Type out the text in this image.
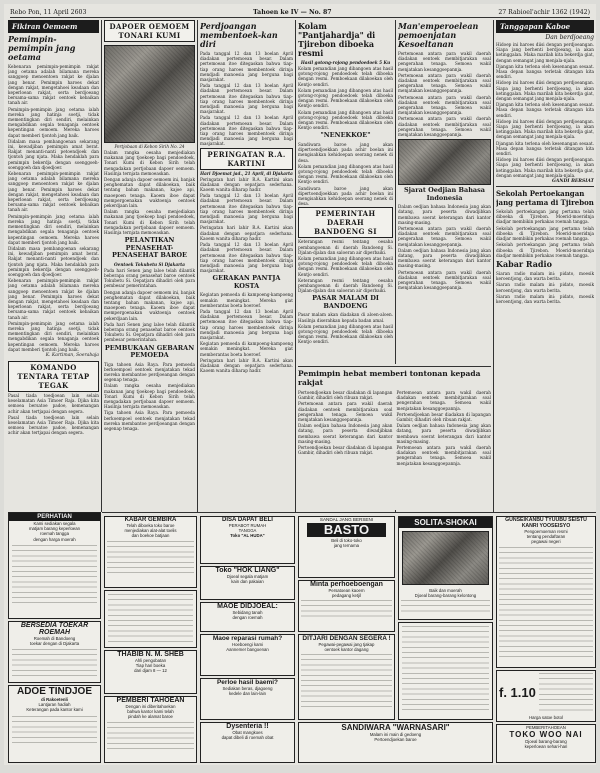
Rebo Pon, 11 April 2603	Tahoen ke IV — No. 87	27 Rabioel'achir 1362 (1942)
Fikiran Oemoem
Pemimpin-pemimpin jang oetama

Kebenaran pemimpin-pemimpin rakjat jang oetama adalah bilamana mereka sanggoep menoentoen rakjat ke djalan jang benar. Pemimpin haroes dekat dengan rakjat, mengetahoei keadaan dan keperloean rakjat, serta berdjoeang bersama-sama rakjat oentoek kebaikan tanah air.

Pemimpin-pemimpin jang oetama ialah mereka jang hatinja soetji, tidak mementingkan diri sendiri, melainkan mengabdikan segala tenaganja oentoek kepentingan oemoem. Mereka haroes dapat memberi tjontoh jang baik.

Didalam masa pembangoenan sekarang ini, kewadjiban pemimpin amat berat. Rakjat menanti-nanti petoendjoek dan tjontoh jang njata. Maka hendaklah para pemimpin bekerdja dengan soenggoeh-soenggoeh dan djoedjoer.

Kebenaran pemimpin-pemimpin rakjat jang oetama adalah bilamana mereka sanggoep menoentoen rakjat ke djalan jang benar. Pemimpin haroes dekat dengan rakjat, mengetahoei keadaan dan keperloean rakjat, serta berdjoeang bersama-sama rakjat oentoek kebaikan tanah air.

Pemimpin-pemimpin jang oetama ialah mereka jang hatinja soetji, tidak mementingkan diri sendiri, melainkan mengabdikan segala tenaganja oentoek kepentingan oemoem. Mereka haroes dapat memberi tjontoh jang baik.

Didalam masa pembangoenan sekarang ini, kewadjiban pemimpin amat berat. Rakjat menanti-nanti petoendjoek dan tjontoh jang njata. Maka hendaklah para pemimpin bekerdja dengan soenggoeh-soenggoeh dan djoedjoer.

Kebenaran pemimpin-pemimpin rakjat jang oetama adalah bilamana mereka sanggoep menoentoen rakjat ke djalan jang benar. Pemimpin haroes dekat dengan rakjat, mengetahoei keadaan dan keperloean rakjat, serta berdjoeang bersama-sama rakjat oentoek kebaikan tanah air.

Pemimpin-pemimpin jang oetama ialah mereka jang hatinja soetji, tidak mementingkan diri sendiri, melainkan mengabdikan segala tenaganja oentoek kepentingan oemoem. Mereka haroes dapat memberi tjontoh jang baik.

K. Kartiman, Soerabaja
KOMANDO TENTARA TETAP TEGAK

Pasal tiada toedjoean lain selain keselamatan Asia Timoer Raja. Djika kita semoea bersatoe padoe, kemenangan achir akan tertjapai dengan segera.

Pasal tiada toedjoean lain selain keselamatan Asia Timoer Raja. Djika kita semoea bersatoe padoe, kemenangan achir akan tertjapai dengan segera.

PERHATIAN
Kami sediakan segala
matjam barang keperloean
roemah tangga
dengan harga moerah
BERSEDIA TOEKAR ROEMAH
Roemah di Bandoeng
toekar dengan di Djakarta
ADOE TINDJOE
di Rakoetenli
Lantjaran hadiah
Keterangan pada kantor kami
DAPOER OEMOEM TONARI KUMI
Pertjobaan di Kebon Sirih No. 24

Dalam rangka oesaha menjediakan makanan jang tjoekoep bagi pendoedoek, Tonari Kumi di Kebon Sirih telah mengadakan pertjobaan dapoer oemoem. Hasilnja ternjata memoeaskan.

Dengan adanja dapoer oemoem ini, banjak penghematan dapat dilakoekan, baik tentang bahan makanan, kajoe api, maoepoen tenaga. Kaoem iboe dapat mempergoenakan waktoenja oentoek pekerdjaan lain.

Dalam rangka oesaha menjediakan makanan jang tjoekoep bagi pendoedoek, Tonari Kumi di Kebon Sirih telah mengadakan pertjobaan dapoer oemoem. Hasilnja ternjata memoeaskan.

PELANTIKAN PENASEHAT-PENASEHAT BAROE
Oentoek Tokubetu Si Djakarta

Pada hari Senen jang laloe telah dilantik beberapa orang penasehat baroe oentoek Tokubetu Si. Oepatjara dihadiri oleh para pembesar pemerintahan.

Dengan adanja dapoer oemoem ini, banjak penghematan dapat dilakoekan, baik tentang bahan makanan, kajoe api, maoepoen tenaga. Kaoem iboe dapat mempergoenakan waktoenja oentoek pekerdjaan lain.

Pada hari Senen jang laloe telah dilantik beberapa orang penasehat baroe oentoek Tokubetu Si. Oepatjara dihadiri oleh para pembesar pemerintahan.

PEMBUKAAN GEBARAN PEMOEDA

Tiga tahoen Asia Raya. Para pemoeda berkoempoel oentoek menjatakan tekad mereka membantoe perdjoeangan dengan segenap tenaga.

Dalam rangka oesaha menjediakan makanan jang tjoekoep bagi pendoedoek, Tonari Kumi di Kebon Sirih telah mengadakan pertjobaan dapoer oemoem. Hasilnja ternjata memoeaskan.

Tiga tahoen Asia Raya. Para pemoeda berkoempoel oentoek menjatakan tekad mereka membantoe perdjoeangan dengan segenap tenaga.

Perdjoangan membentoek-kan diri

Pada tanggal 12 dan 13 boelan April diadakan pertemoean besar. Dalam pertemoean itoe ditegaskan bahwa tiap-tiap orang haroes membentoek dirinja mendjadi manoesia jang berguna bagi masjarakat.

Pada tanggal 12 dan 13 boelan April diadakan pertemoean besar. Dalam pertemoean itoe ditegaskan bahwa tiap-tiap orang haroes membentoek dirinja mendjadi manoesia jang berguna bagi masjarakat.

Pada tanggal 12 dan 13 boelan April diadakan pertemoean besar. Dalam pertemoean itoe ditegaskan bahwa tiap-tiap orang haroes membentoek dirinja mendjadi manoesia jang berguna bagi masjarakat.

PERINGATAN R.A. KARTINI
Hari Djoemat jad., 21 April, di Djakarta

Peringatan hari lahir R.A. Kartini akan diadakan dengan oepatjara sederhana. Kaoem wanita diharap hadir.

Pada tanggal 12 dan 13 boelan April diadakan pertemoean besar. Dalam pertemoean itoe ditegaskan bahwa tiap-tiap orang haroes membentoek dirinja mendjadi manoesia jang berguna bagi masjarakat.

Peringatan hari lahir R.A. Kartini akan diadakan dengan oepatjara sederhana. Kaoem wanita diharap hadir.

Pada tanggal 12 dan 13 boelan April diadakan pertemoean besar. Dalam pertemoean itoe ditegaskan bahwa tiap-tiap orang haroes membentoek dirinja mendjadi manoesia jang berguna bagi masjarakat.

GERAKAN PANTJA KOSTA

Kegiatan pemoeda di kampoeng-kampoeng semakin meningkat. Mereka giat memberantas boeta hoeroef.

Pada tanggal 12 dan 13 boelan April diadakan pertemoean besar. Dalam pertemoean itoe ditegaskan bahwa tiap-tiap orang haroes membentoek dirinja mendjadi manoesia jang berguna bagi masjarakat.

Kegiatan pemoeda di kampoeng-kampoeng semakin meningkat. Mereka giat memberantas boeta hoeroef.

Peringatan hari lahir R.A. Kartini akan diadakan dengan oepatjara sederhana. Kaoem wanita diharap hadir.

Kolam "Pantjahardja" di Tjirebon diboeka resmi
Hasil gotong-rojong pendoedoek 5 Ku

Kolam pemandian jang dibangoen atas hasil gotong-rojong pendoedoek telah diboeka dengan resmi. Pemboekaan dilakoekan oleh Kentjo sendiri.

Kolam pemandian jang dibangoen atas hasil gotong-rojong pendoedoek telah diboeka dengan resmi. Pemboekaan dilakoekan oleh Kentjo sendiri.

Kolam pemandian jang dibangoen atas hasil gotong-rojong pendoedoek telah diboeka dengan resmi. Pemboekaan dilakoekan oleh Kentjo sendiri.

"NENEKKOE"

Sandiwara baroe jang akan dipertoendjoekkan pada achir boelan ini mengisahkan kehidoepan seorang nenek di desa.

Kolam pemandian jang dibangoen atas hasil gotong-rojong pendoedoek telah diboeka dengan resmi. Pemboekaan dilakoekan oleh Kentjo sendiri.

Sandiwara baroe jang akan dipertoendjoekkan pada achir boelan ini mengisahkan kehidoepan seorang nenek di desa.

PEMERINTAH DAERAH BANDOENG SI

Keterangan resmi tentang oesaha pembangoenan di daerah Bandoeng Si. Djalan-djalan dan saloeran air diperbaiki.

Kolam pemandian jang dibangoen atas hasil gotong-rojong pendoedoek telah diboeka dengan resmi. Pemboekaan dilakoekan oleh Kentjo sendiri.

Keterangan resmi tentang oesaha pembangoenan di daerah Bandoeng Si. Djalan-djalan dan saloeran air diperbaiki.

PASAR MALAM DI BANDOENG

Pasar malam akan diadakan di aloen-aloen. Hasilnja diserahkan kepada badan amal.

Kolam pemandian jang dibangoen atas hasil gotong-rojong pendoedoek telah diboeka dengan resmi. Pemboekaan dilakoekan oleh Kentjo sendiri.

Man'emperoelean pemoenjatan Kesoeltanan

Pertemoean antara para wakil daerah diadakan oentoek membitjarakan soal pengerahan tenaga. Semoea wakil menjatakan kesanggoepannja.

Pertemoean antara para wakil daerah diadakan oentoek membitjarakan soal pengerahan tenaga. Semoea wakil menjatakan kesanggoepannja.

Pertemoean antara para wakil daerah diadakan oentoek membitjarakan soal pengerahan tenaga. Semoea wakil menjatakan kesanggoepannja.

Pertemoean antara para wakil daerah diadakan oentoek membitjarakan soal pengerahan tenaga. Semoea wakil menjatakan kesanggoepannja.

Sjarat Oedjian Bahasa Indonesia

Dalam oedjian bahasa Indonesia jang akan datang, para peserta diwadjibkan membawa soerat keterangan dari kantor masing-masing.

Pertemoean antara para wakil daerah diadakan oentoek membitjarakan soal pengerahan tenaga. Semoea wakil menjatakan kesanggoepannja.

Dalam oedjian bahasa Indonesia jang akan datang, para peserta diwadjibkan membawa soerat keterangan dari kantor masing-masing.

Pertemoean antara para wakil daerah diadakan oentoek membitjarakan soal pengerahan tenaga. Semoea wakil menjatakan kesanggoepannja.

Pemimpin hebat memberi tontonan kepada rakjat

Pertoendjoekan besar diadakan di lapangan Gambir, dihadiri oleh ribuan rakjat.

Pertemoean antara para wakil daerah diadakan oentoek membitjarakan soal pengerahan tenaga. Semoea wakil menjatakan kesanggoepannja.

Dalam oedjian bahasa Indonesia jang akan datang, para peserta diwadjibkan membawa soerat keterangan dari kantor masing-masing.

Pertoendjoekan besar diadakan di lapangan Gambir, dihadiri oleh ribuan rakjat.

Pertemoean antara para wakil daerah diadakan oentoek membitjarakan soal pengerahan tenaga. Semoea wakil menjatakan kesanggoepannja.

Pertoendjoekan besar diadakan di lapangan Gambir, dihadiri oleh ribuan rakjat.

Dalam oedjian bahasa Indonesia jang akan datang, para peserta diwadjibkan membawa soerat keterangan dari kantor masing-masing.

Pertemoean antara para wakil daerah diadakan oentoek membitjarakan soal pengerahan tenaga. Semoea wakil menjatakan kesanggoepannja.

Tanggapan Kaboe
Dan berdjoeang

Hidoep ini haroes diisi dengan perdjoeangan. Siapa jang berhenti berdjoeang, ia akan ketinggalan. Maka marilah kita bekerdja giat, dengan semangat jang menjala-njala.

Djangan kita terlena oleh kesenangan sesaat. Masa depan bangsa terletak ditangan kita sendiri.

Hidoep ini haroes diisi dengan perdjoeangan. Siapa jang berhenti berdjoeang, ia akan ketinggalan. Maka marilah kita bekerdja giat, dengan semangat jang menjala-njala.

Djangan kita terlena oleh kesenangan sesaat. Masa depan bangsa terletak ditangan kita sendiri.

Hidoep ini haroes diisi dengan perdjoeangan. Siapa jang berhenti berdjoeang, ia akan ketinggalan. Maka marilah kita bekerdja giat, dengan semangat jang menjala-njala.

Djangan kita terlena oleh kesenangan sesaat. Masa depan bangsa terletak ditangan kita sendiri.

Hidoep ini haroes diisi dengan perdjoeangan. Siapa jang berhenti berdjoeang, ia akan ketinggalan. Maka marilah kita bekerdja giat, dengan semangat jang menjala-njala.

GANDI BERSIAT
Sekolah Pertoekangan jang pertama di Tjirebon

Sekolah pertoekangan jang pertama telah diboeka di Tjirebon. Moerid-moeridnja diadjar membikin perkakas roemah tangga.

Sekolah pertoekangan jang pertama telah diboeka di Tjirebon. Moerid-moeridnja diadjar membikin perkakas roemah tangga.

Sekolah pertoekangan jang pertama telah diboeka di Tjirebon. Moerid-moeridnja diadjar membikin perkakas roemah tangga.

Kabar Radio

Siaran radio malam ini: pidato, moesik keroentjong, dan warta berita.

Siaran radio malam ini: pidato, moesik keroentjong, dan warta berita.

Siaran radio malam ini: pidato, moesik keroentjong, dan warta berita.

KABAR GEMBIRA
Telah diboeka toko baroe
menjediakan alat-alat toelis
dan boekoe batjaan
THABIB N. M. SHEB
Ahli pengobatan
Tiap hari boeka
dari djam 8 — 12
PEMBERI TAHOEAN
Dengan ini diberitahoekan
bahwa kantor kami telah
pindah ke alamat baroe
DISA DAPAT BELI
PERABOT RUMAH
TANGGA
Toko "AL HUDA"
Toko "HOK LIANG"
Djoeal segala matjam
kain dan pakaian
MAOE DIDJOEAL:
Sebidang tanah
dengan roemah
Maoe reparasi rumah?
Hoeboengi kami
Aannemer bangoenan
Perloe hasil baemi?
Sediakan beras, djagoeng
kedele dan lain-lain
Dysenteria !!
Obat mangkoes
dapat dibeli di roemah obat
SANDAL JANG BERSENI
BASTO
Beli di toko-toko
jang ternama
Minta perhoeboengan
Persatoean kaoem
pedagang ketjil
DITJARI DENGAN SEGERA !
Pegawai-pegawai jang tjakap
oentoek kantor dagang
SOLITA-SHOKAI
Baik dan moerah
Djoeal barang-barang kelontong
SANDIWARA "WARNASARI"
Malam ini main di gedoeng
Pertoendjoekan baroe
GUNSEIKANBU TYUUBU SEISTU KANRI YOOSEISYO
Pengoemoeman resmi
tentang pendaftaran
pegawai negeri
f. 1.10
Harga satoe botol
PEMBERITAHOEAN
TOKO WOO NAI
Djoeal barang-barang
keperloean sehari-hari
